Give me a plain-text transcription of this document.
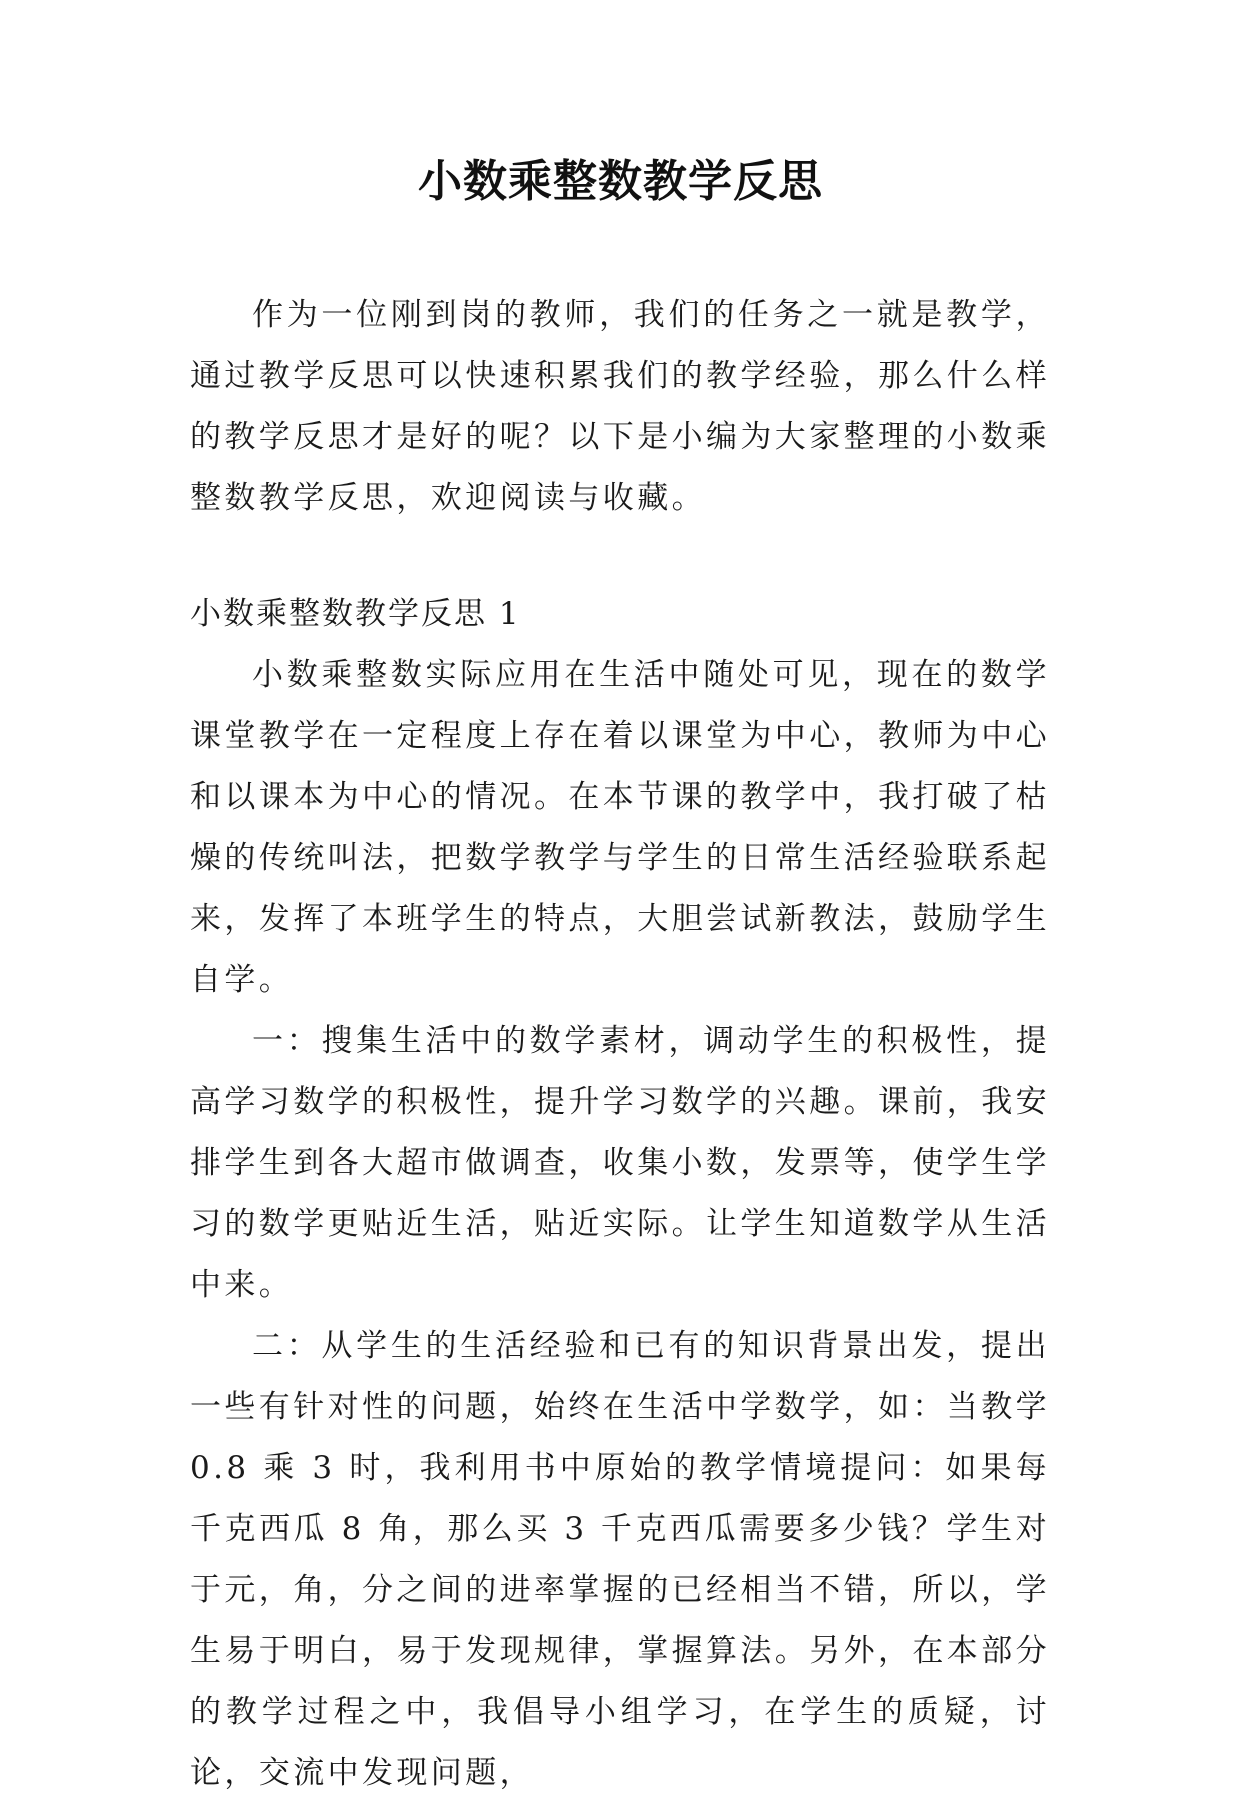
小数乘整数教学反思

作为一位刚到岗的教师，我们的任务之一就是教学，通过教学反思可以快速积累我们的教学经验，那么什么样的教学反思才是好的呢？以下是小编为大家整理的小数乘整数教学反思，欢迎阅读与收藏。

小数乘整数教学反思 1

小数乘整数实际应用在生活中随处可见，现在的数学课堂教学在一定程度上存在着以课堂为中心，教师为中心和以课本为中心的情况。在本节课的教学中，我打破了枯燥的传统叫法，把数学教学与学生的日常生活经验联系起来，发挥了本班学生的特点，大胆尝试新教法，鼓励学生自学。

一：搜集生活中的数学素材，调动学生的积极性，提高学习数学的积极性，提升学习数学的兴趣。课前，我安排学生到各大超市做调查，收集小数，发票等，使学生学习的数学更贴近生活，贴近实际。让学生知道数学从生活中来。

二：从学生的生活经验和已有的知识背景出发，提出一些有针对性的问题，始终在生活中学数学，如：当教学 0.8 乘 3 时，我利用书中原始的教学情境提问：如果每千克西瓜 8 角，那么买 3 千克西瓜需要多少钱？学生对于元，角，分之间的进率掌握的已经相当不错，所以，学生易于明白，易于发现规律，掌握算法。另外，在本部分的教学过程之中，我倡导小组学习，在学生的质疑，讨论，交流中发现问题，
